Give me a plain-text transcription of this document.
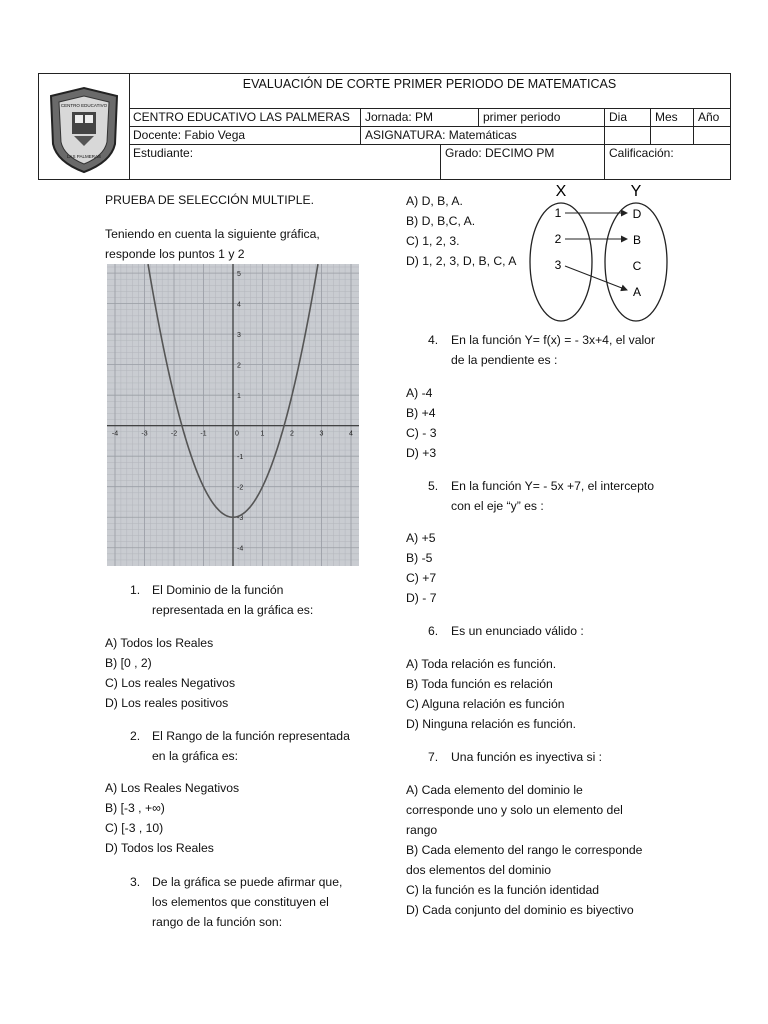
CENTRO EDUCATIVO
LAS PALMERAS
EVALUACIÓN DE CORTE PRIMER PERIODO DE MATEMATICAS
CENTRO EDUCATIVO LAS PALMERAS	Jornada: PM	primer periodo	Dia	Mes	Año
Docente: Fabio Vega	ASIGNATURA: Matemáticas
Estudiante:	Grado: DECIMO PM	Calificación:
PRUEBA DE SELECCIÓN MULTIPLE.
Teniendo en cuenta la siguiente gráfica,
responde los puntos 1 y 2
-4	-3	-2	-1	0	1	2	3	4
5
4
3
2
1
-1
-2
-3
-4
1. El Dominio de la función
representada en la gráfica es:
A) Todos los Reales
B) [0 , 2)
C) Los reales Negativos
D) Los reales positivos
2. El Rango de la función representada
en la gráfica es:
A) Los Reales Negativos
B) [-3 , +∞)
C) [-3 , 10)
D) Todos los Reales
3. De la gráfica se puede afirmar que,
los elementos que constituyen el
rango de la función son:
A) D, B, A.
B) D, B,C, A.
C) 1, 2, 3.
D) 1, 2, 3, D, B, C, A
X	Y
1
2
3
D
B
C
A
4. En la función Y= f(x) = - 3x+4, el valor
de la pendiente es :
A) -4
B) +4
C) - 3
D) +3
5. En la función Y= - 5x +7, el intercepto
con el eje “y” es :
A) +5
B) -5
C) +7
D) - 7
6. Es un enunciado válido :
A) Toda relación es función.
B) Toda función es relación
C) Alguna relación es función
D) Ninguna relación es función.
7. Una función es inyectiva si :
A) Cada elemento del dominio le
corresponde uno y solo un elemento del
rango
B) Cada elemento del rango le corresponde
dos elementos del dominio
C) la función es la función identidad
D) Cada conjunto del dominio es biyectivo
